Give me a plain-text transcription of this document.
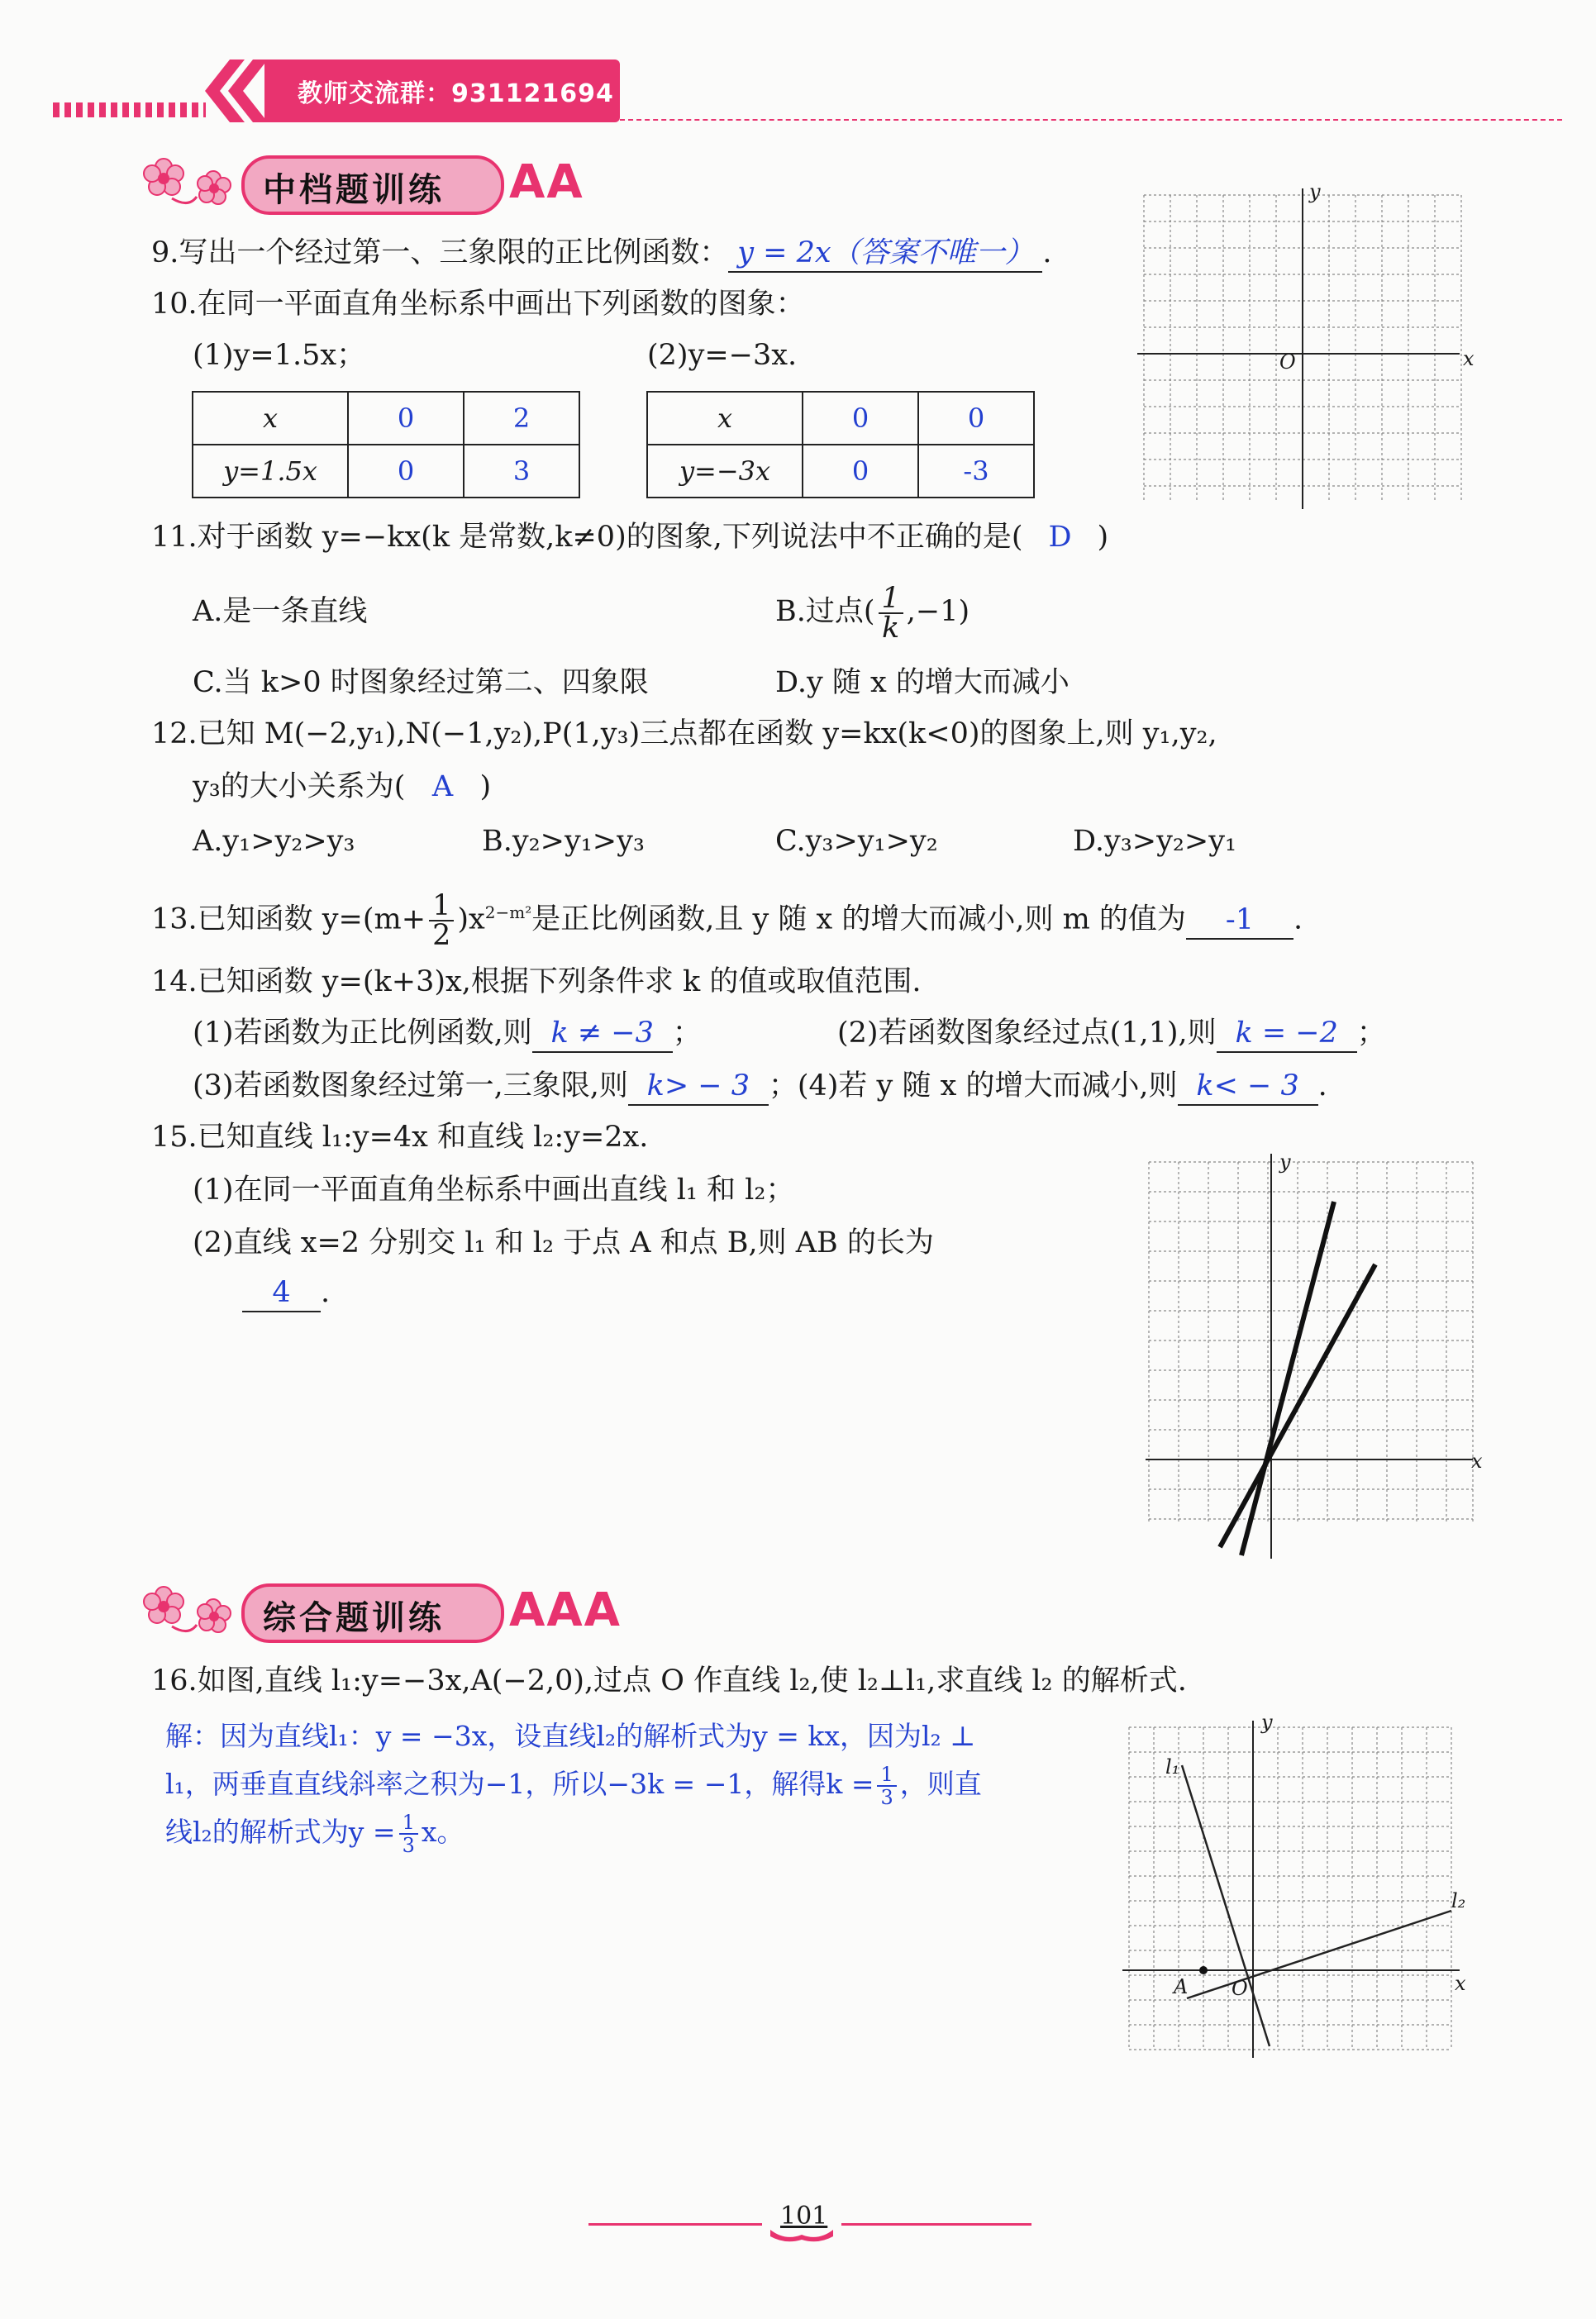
教师交流群：931121694
中档题训练 AA
9.写出一个经过第一、三象限的正比例函数： y = 2x（答案不唯一） .
10.在同一平面直角坐标系中画出下列函数的图象：
(1)y=1.5x；	(2)y=−3x.
x	0	2
y=1.5x	0	3
x	0	0
y=−3x	0	-3
y
x
O
11.对于函数 y=−kx(k 是常数,k≠0)的图象,下列说法中不正确的是( D )
A.是一条直线	B.过点( $\frac{1}{k} ,-1$)
C.当 k>0 时图象经过第二、四象限	D.y 随 x 的增大而减小
12.已知 M(−2,y₁),N(−1,y₂),P(1,y₃)三点都在函数 y=kx(k<0)的图象上,则 y₁,y₂,
y₃的大小关系为( A )
A.y₁>y₂>y₃	B.y₂>y₁>y₃	C.y₃>y₁>y₂	D.y₃>y₂>y₁
13.已知函数 $y=(m+ \frac{1}{2} )x^{2-m^2}$是正比例函数,且 y 随 x 的增大而减小,则 m 的值为 -1 .
14.已知函数 y=(k+3)x,根据下列条件求 k 的值或取值范围.
(1)若函数为正比例函数,则 k ≠ −3 ；	(2)若函数图象经过点(1,1),则 k = −2 ；
(3)若函数图象经过第一,三象限,则 k> − 3 ；(4)若 y 随 x 的增大而减小,则 k< − 3 .
15.已知直线 l₁:y=4x 和直线 l₂:y=2x.
(1)在同一平面直角坐标系中画出直线 l₁ 和 l₂；
(2)直线 x=2 分别交 l₁ 和 l₂ 于点 A 和点 B,则 AB 的长为
4 .
y
x
综合题训练 AAA
16.如图,直线 l₁:y=−3x,A(−2,0),过点 O 作直线 l₂,使 l₂⊥l₁,求直线 l₂ 的解析式.
解：因为直线l₁：y = −3x，设直线l₂的解析式为y = kx，因为l₂ ⊥
l₁，两垂直直线斜率之积为−1，所以−3k = −1，解得$k = \frac{1}{3}$ ，则直
线l₂的解析式为$y = \frac{1}{3}$ x。
y
x
O
A
l₁
l₂
101
